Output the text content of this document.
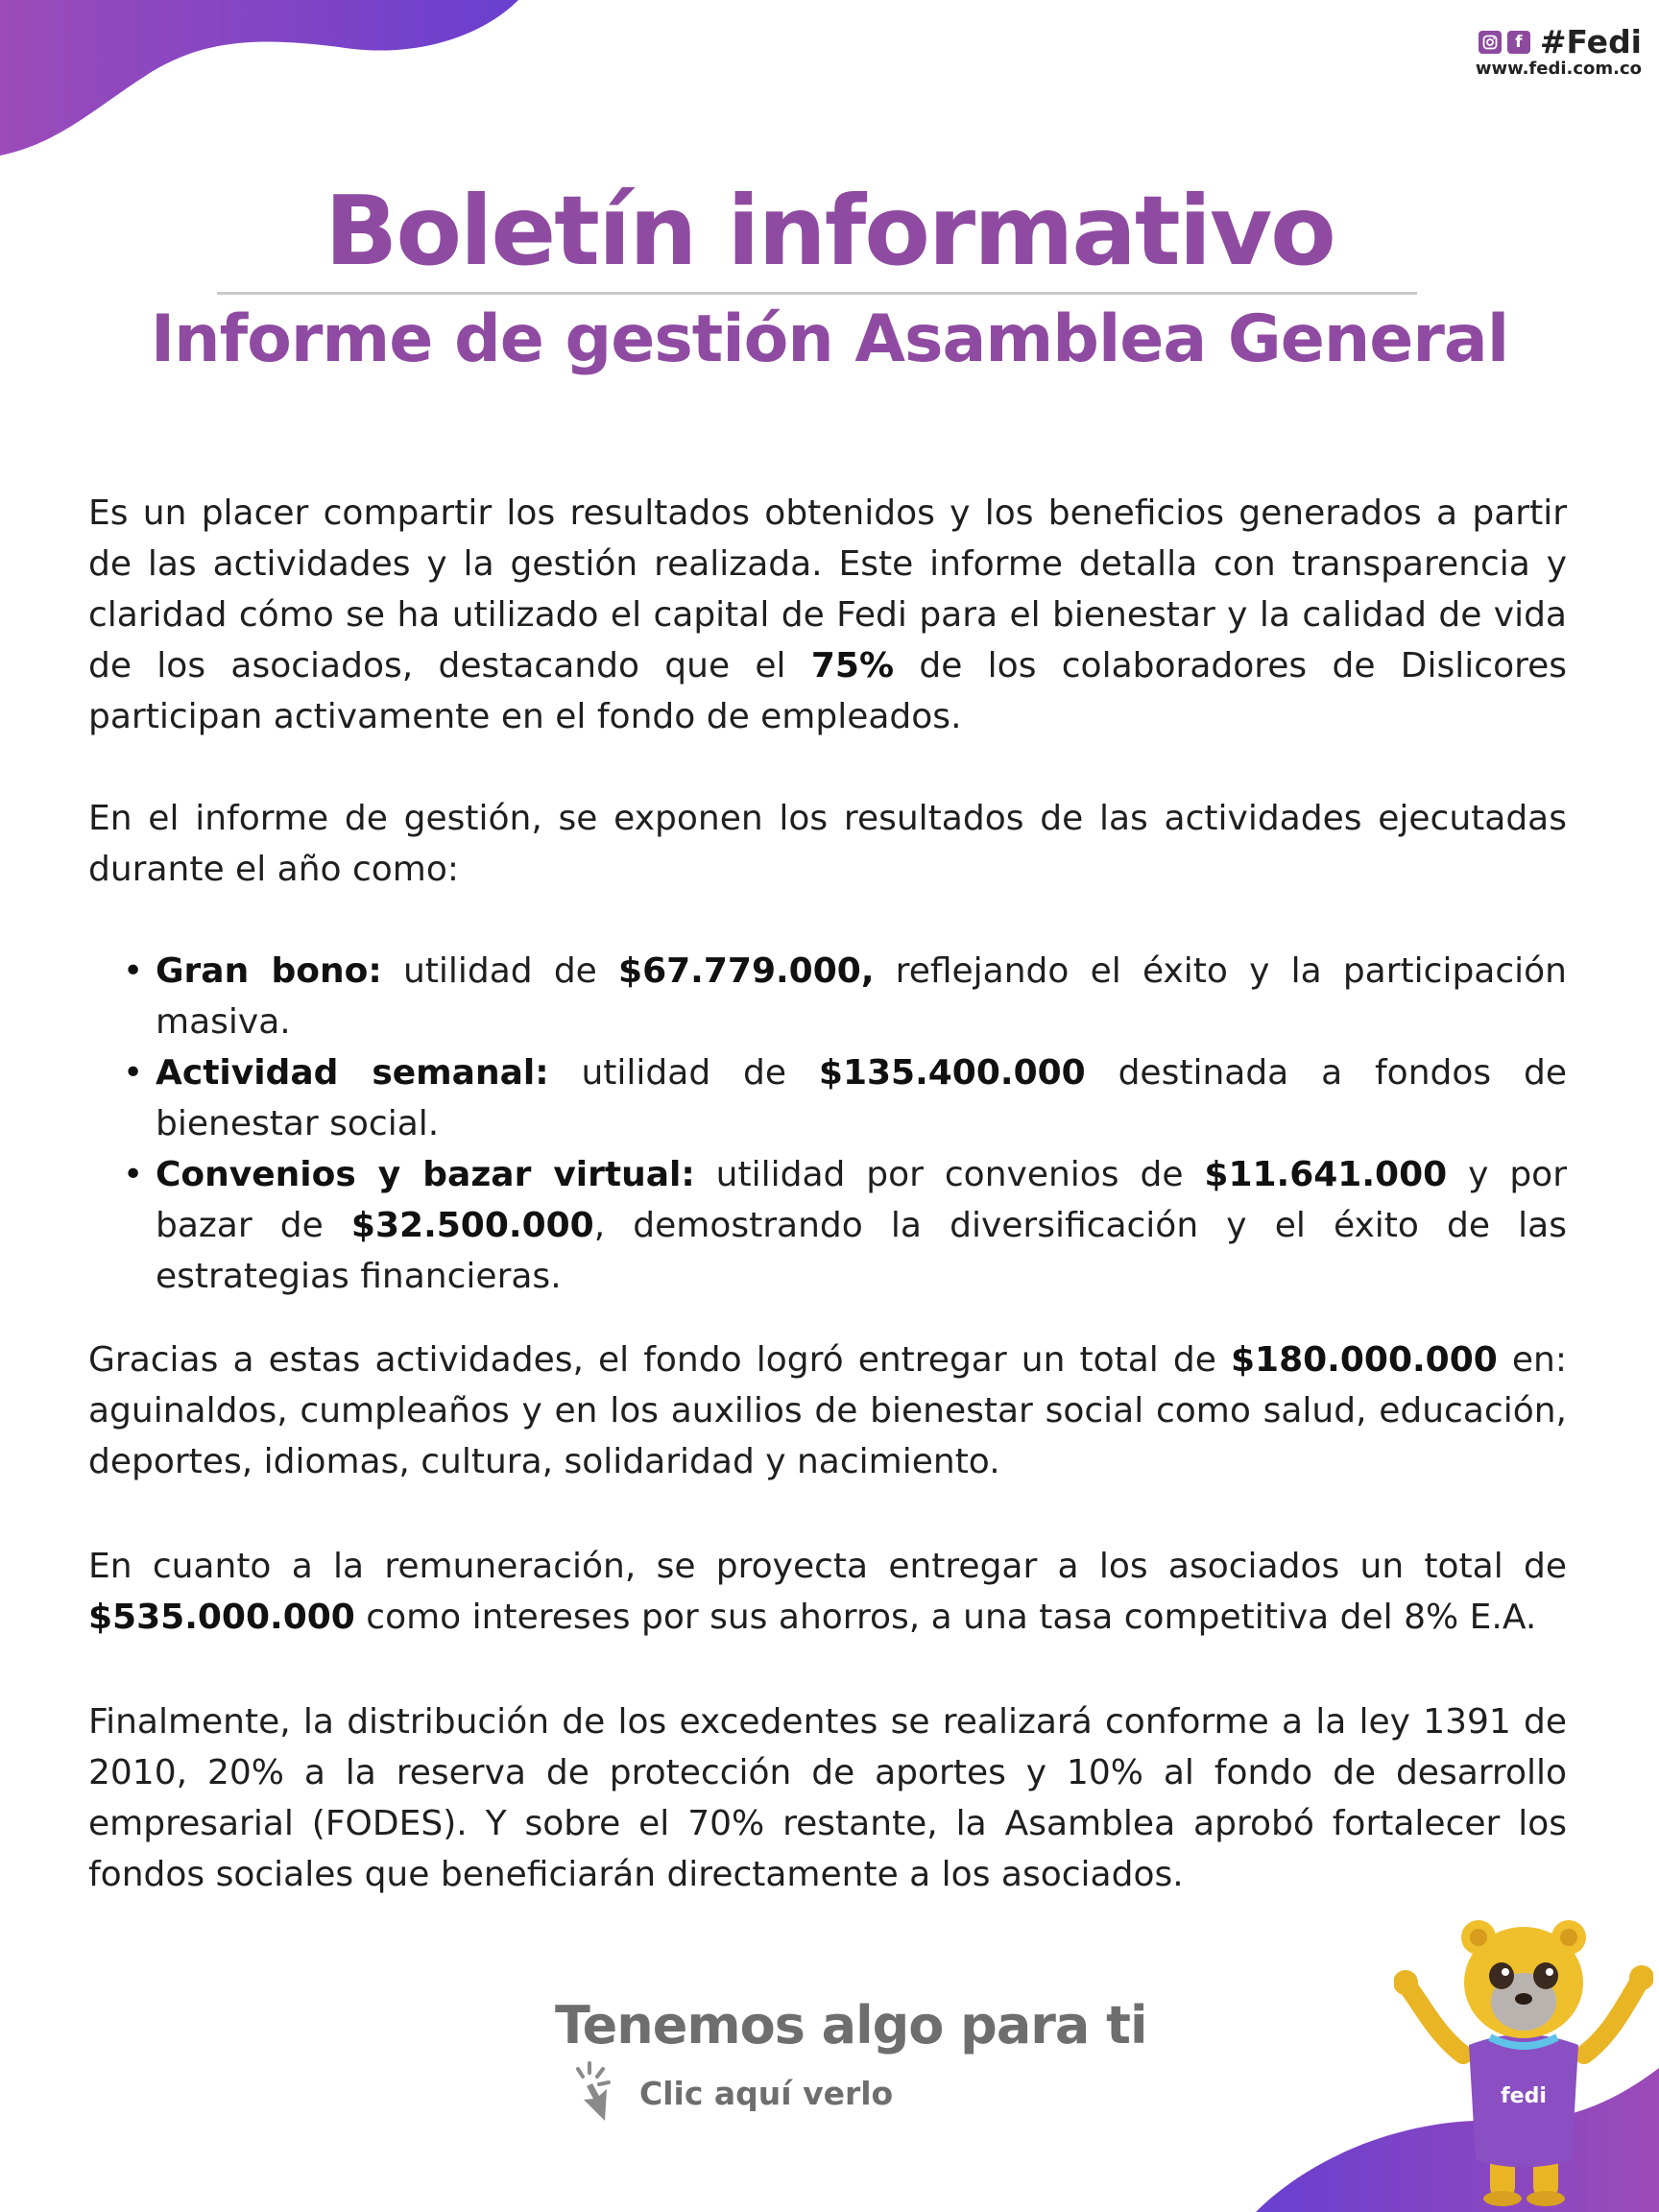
f #Fedi
www.fedi.com.co
Boletín informativo
Informe de gestión Asamblea General

Es un placer compartir los resultados obtenidos y los beneficios generados a partir de las actividades y la gestión realizada. Este informe detalla con transparencia y claridad cómo se ha utilizado el capital de Fedi para el bienestar y la calidad de vida de los asociados, destacando que el 75% de los colaboradores de Dislicores participan activamente en el fondo de empleados.

En el informe de gestión, se exponen los resultados de las actividades ejecutadas durante el año como:

• Gran bono: utilidad de $67.779.000, reflejando el éxito y la participación masiva.
• Actividad semanal: utilidad de $135.400.000 destinada a fondos de bienestar social.
• Convenios y bazar virtual: utilidad por convenios de $11.641.000 y por bazar de $32.500.000, demostrando la diversificación y el éxito de las estrategias financieras.

Gracias a estas actividades, el fondo logró entregar un total de $180.000.000 en: aguinaldos, cumpleaños y en los auxilios de bienestar social como salud, educación, deportes, idiomas, cultura, solidaridad y nacimiento.

En cuanto a la remuneración, se proyecta entregar a los asociados un total de $535.000.000 como intereses por sus ahorros, a una tasa competitiva del 8% E.A.

Finalmente, la distribución de los excedentes se realizará conforme a la ley 1391 de 2010, 20% a la reserva de protección de aportes y 10% al fondo de desarrollo empresarial (FODES). Y sobre el 70% restante, la Asamblea aprobó fortalecer los fondos sociales que beneficiarán directamente a los asociados.

Tenemos algo para ti
Clic aquí verlo	fedi
